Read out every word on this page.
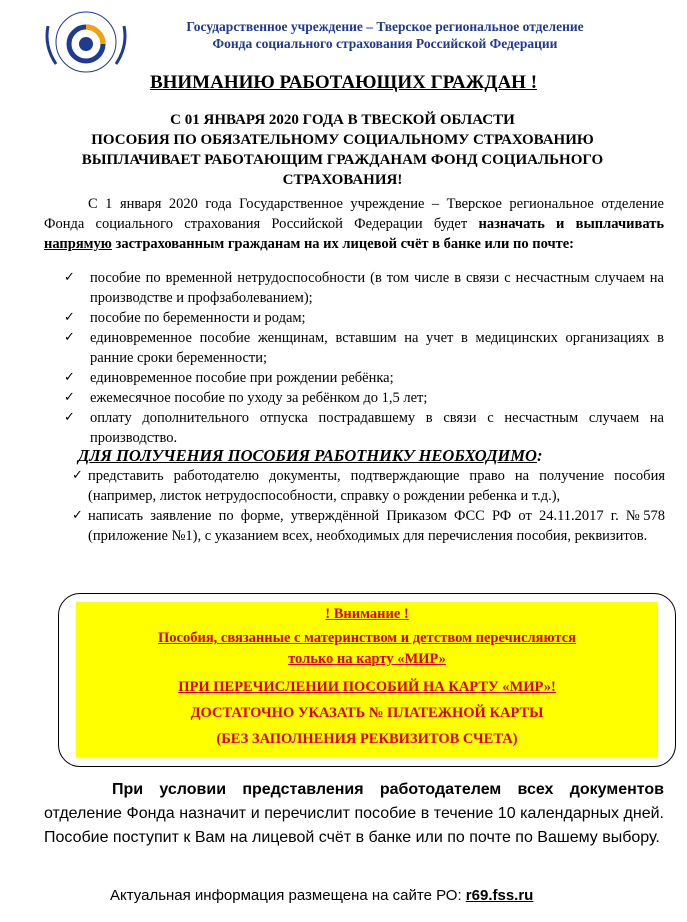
Государственное учреждение – Тверское региональное отделение
Фонда социального страхования Российской Федерации
ВНИМАНИЮ РАБОТАЮЩИХ ГРАЖДАН !
С 01 ЯНВАРЯ 2020 ГОДА В ТВЕСКОЙ ОБЛАСТИ
ПОСОБИЯ ПО ОБЯЗАТЕЛЬНОМУ СОЦИАЛЬНОМУ СТРАХОВАНИЮ
ВЫПЛАЧИВАЕТ РАБОТАЮЩИМ ГРАЖДАНАМ ФОНД СОЦИАЛЬНОГО
СТРАХОВАНИЯ!
С 1 января 2020 года Государственное учреждение – Тверское региональное отделение Фонда социального страхования Российской Федерации будет назначать и выплачивать напрямую застрахованным гражданам на их лицевой счёт в банке или по почте:
✓ пособие по временной нетрудоспособности (в том числе в связи с несчастным случаем на производстве и профзаболеванием);
✓ пособие по беременности и родам;
✓ единовременное пособие женщинам, вставшим на учет в медицинских организациях в ранние сроки беременности;
✓ единовременное пособие при рождении ребёнка;
✓ ежемесячное пособие по уходу за ребёнком до 1,5 лет;
✓ оплату дополнительного отпуска пострадавшему в связи с несчастным случаем на производство.
ДЛЯ ПОЛУЧЕНИЯ ПОСОБИЯ РАБОТНИКУ НЕОБХОДИМО:
✓ представить работодателю документы, подтверждающие право на получение пособия (например, листок нетрудоспособности, справку о рождении ребенка и т.д.),
✓ написать заявление по форме, утверждённой Приказом ФСС РФ от 24.11.2017 г. №578 (приложение №1), с указанием всех, необходимых для перечисления пособия, реквизитов.
! Внимание !
Пособия, связанные с материнством и детством перечисляются
только на карту «МИР»
ПРИ ПЕРЕЧИСЛЕНИИ ПОСОБИЙ НА КАРТУ «МИР»!
ДОСТАТОЧНО УКАЗАТЬ № ПЛАТЕЖНОЙ КАРТЫ
(БЕЗ ЗАПОЛНЕНИЯ РЕКВИЗИТОВ СЧЕТА)
При условии представления работодателем всех документов отделение Фонда назначит и перечислит пособие в течение 10 календарных дней. Пособие поступит к Вам на лицевой счёт в банке или по почте по Вашему выбору.
Актуальная информация размещена на сайте РО: r69.fss.ru
